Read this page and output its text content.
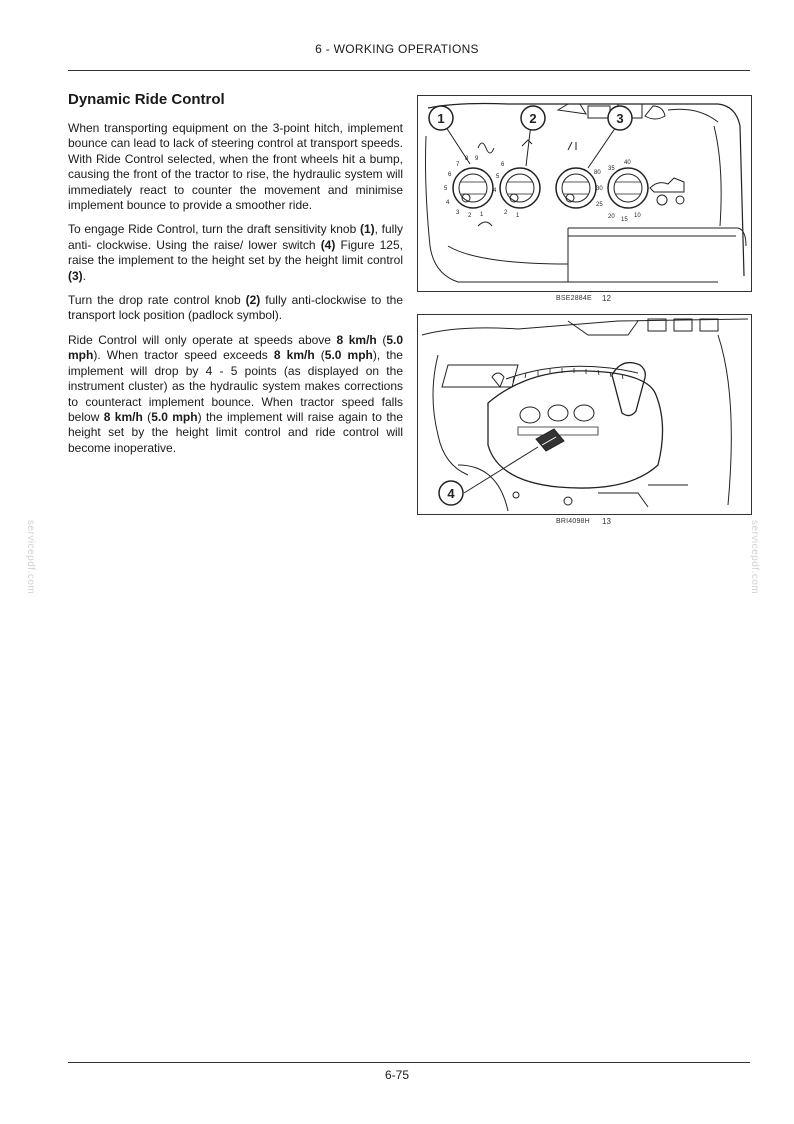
6 - WORKING OPERATIONS
Dynamic Ride Control

When transporting equipment on the 3-point hitch, implement bounce can lead to lack of steering control at transport speeds. With Ride Control selected, when the front wheels hit a bump, causing the front of the tractor to rise, the hydraulic system will immediately react to counter the movement and minimise implement bounce to provide a smoother ride.

To engage Ride Control, turn the draft sensitivity knob (1), fully anti- clockwise. Using the raise/ lower switch (4) Figure 125, raise the implement to the height set by the height limit control (3).

Turn the drop rate control knob (2) fully anti-clockwise to the transport lock position (padlock symbol).

Ride Control will only operate at speeds above 8 km/h (5.0 mph). When tractor speed exceeds 8 km/h (5.0 mph), the implement will drop by 4 - 5 points (as displayed on the instrument cluster) as the hydraulic system makes corrections to counteract implement bounce. When tractor speed falls below 8 km/h (5.0 mph) the implement will raise again to the height set by the height limit control and ride control will become inoperative.

7
8 9
6
5
4
3 2 1
6
5
4
2 1
80
35
40
30
25
20 15
10
1	2	3
BSE2884E 12
4
BRI4098H 13
servicepdf.com	servicepdf.com
6-75
